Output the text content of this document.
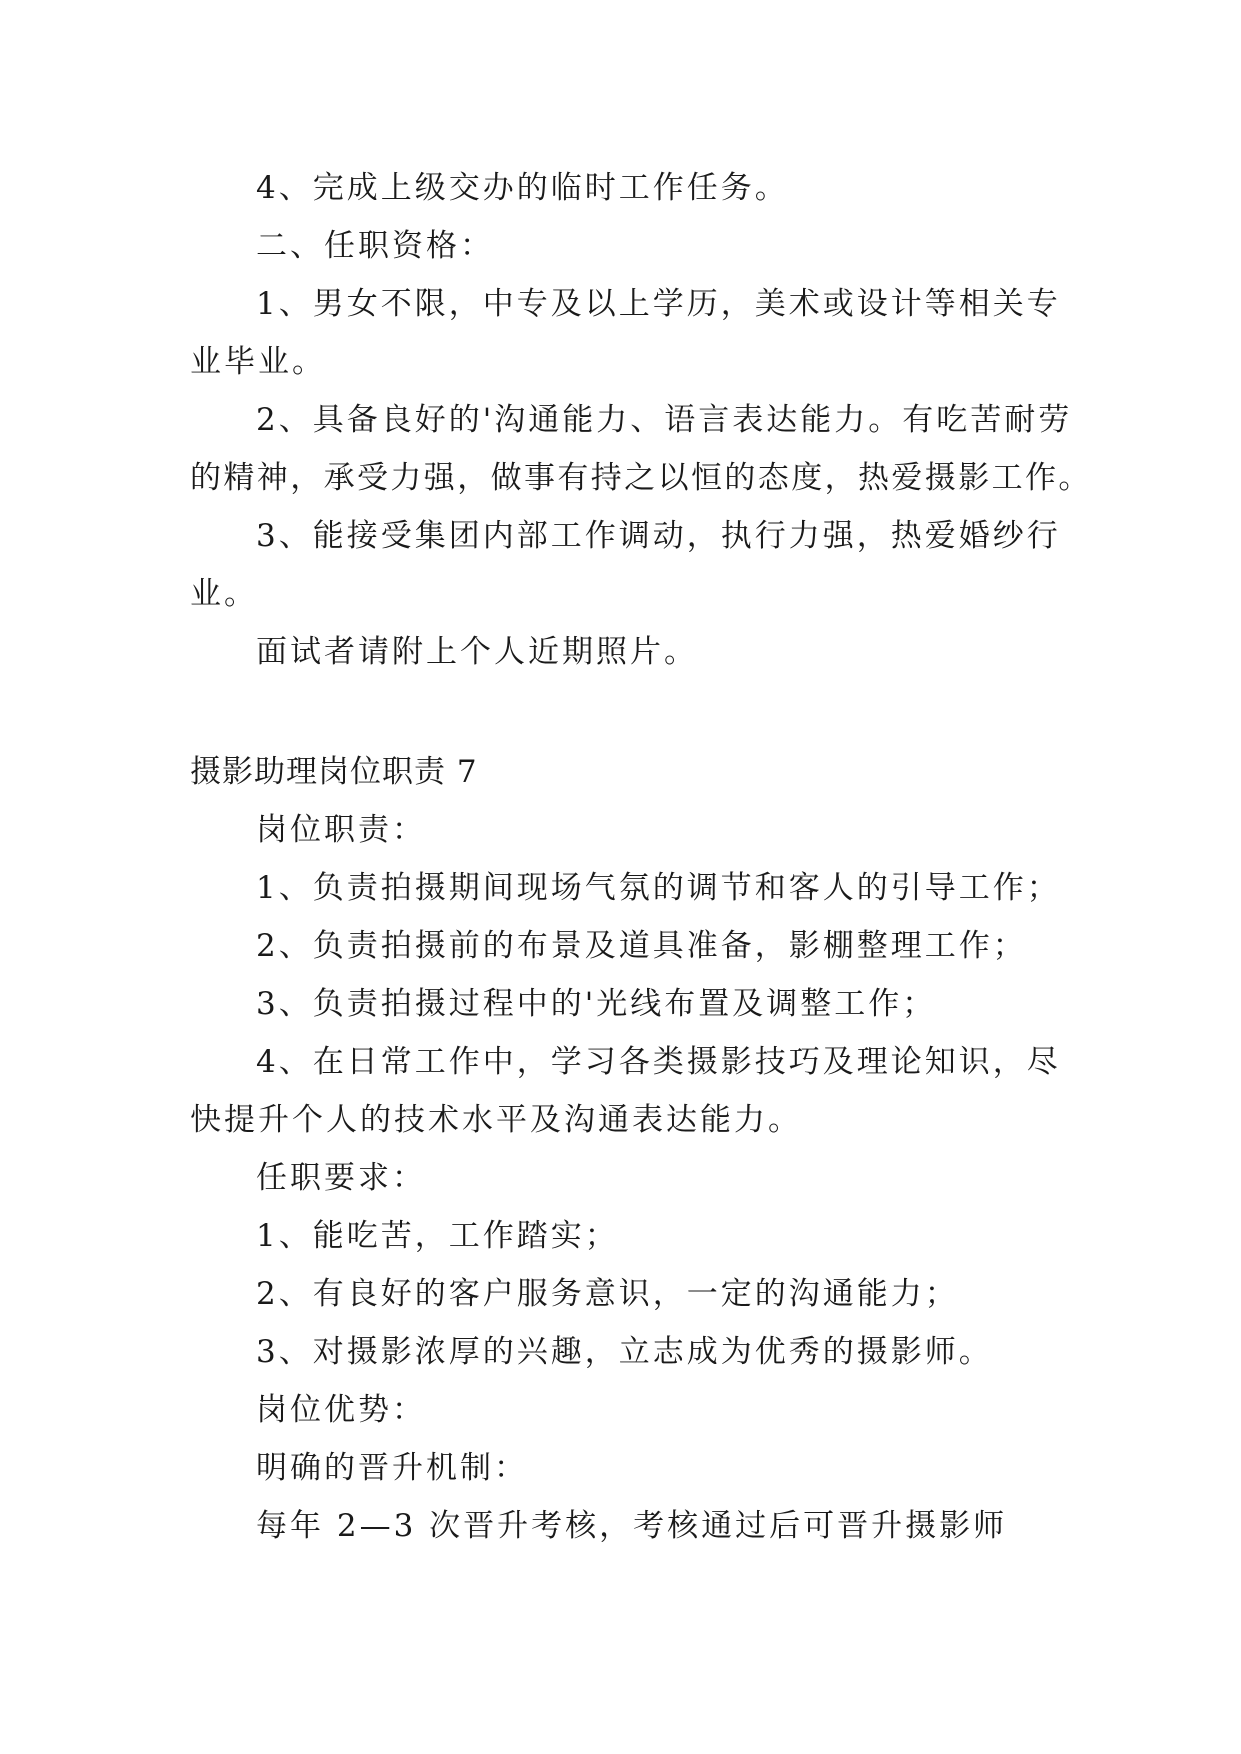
4、完成上级交办的临时工作任务。
二、任职资格：
1、男女不限，中专及以上学历，美术或设计等相关专
业毕业。
2、具备良好的'沟通能力、语言表达能力。有吃苦耐劳
的精神，承受力强，做事有持之以恒的态度，热爱摄影工作。
3、能接受集团内部工作调动，执行力强，热爱婚纱行
业。
面试者请附上个人近期照片。
摄影助理岗位职责 7
岗位职责：
1、负责拍摄期间现场气氛的调节和客人的引导工作；
2、负责拍摄前的布景及道具准备，影棚整理工作；
3、负责拍摄过程中的'光线布置及调整工作；
4、在日常工作中，学习各类摄影技巧及理论知识，尽
快提升个人的技术水平及沟通表达能力。
任职要求：
1、能吃苦，工作踏实；
2、有良好的客户服务意识，一定的沟通能力；
3、对摄影浓厚的兴趣，立志成为优秀的摄影师。
岗位优势：
明确的晋升机制：
每年 2—3 次晋升考核，考核通过后可晋升摄影师
